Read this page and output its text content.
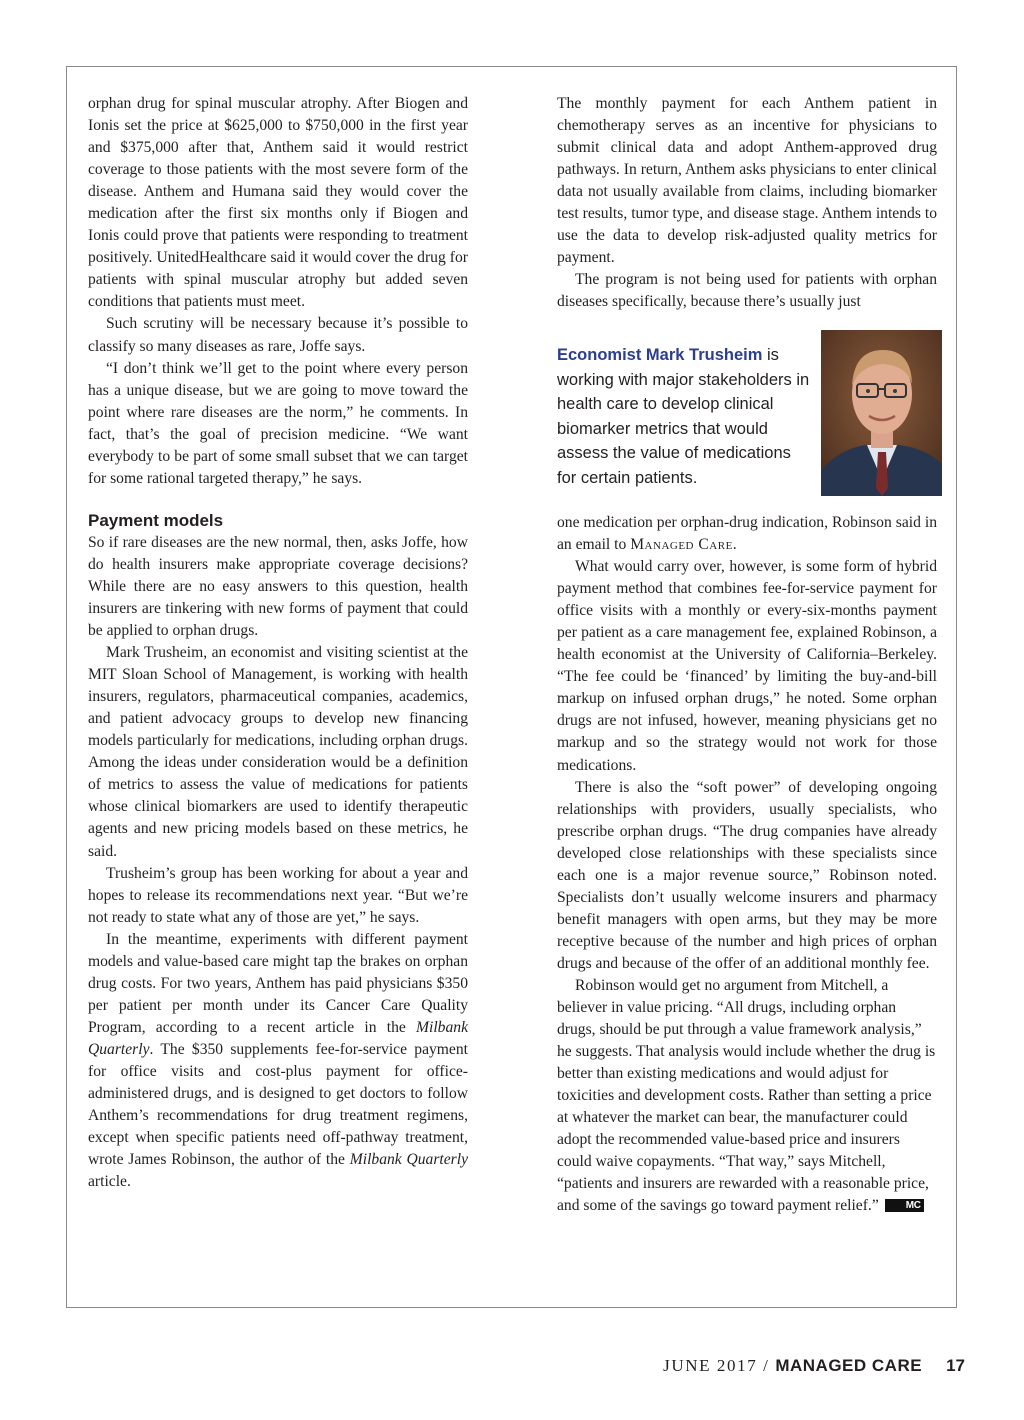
orphan drug for spinal muscular atrophy. After Biogen and Ionis set the price at $625,000 to $750,000 in the first year and $375,000 after that, Anthem said it would restrict coverage to those patients with the most severe form of the disease. Anthem and Humana said they would cover the medication after the first six months only if Biogen and Ionis could prove that patients were responding to treatment positively. UnitedHealthcare said it would cover the drug for patients with spinal muscular atrophy but added seven conditions that patients must meet.

Such scrutiny will be necessary because it’s possible to classify so many diseases as rare, Joffe says.

“I don’t think we’ll get to the point where every person has a unique disease, but we are going to move toward the point where rare diseases are the norm,” he comments. In fact, that’s the goal of precision medicine. “We want everybody to be part of some small subset that we can target for some rational targeted therapy,” he says.

Payment models

So if rare diseases are the new normal, then, asks Joffe, how do health insurers make appropriate coverage decisions? While there are no easy answers to this question, health insurers are tinkering with new forms of payment that could be applied to orphan drugs.

Mark Trusheim, an economist and visiting scientist at the MIT Sloan School of Management, is working with health insurers, regulators, pharmaceutical companies, academics, and patient advocacy groups to develop new financing models particularly for medications, including orphan drugs. Among the ideas under consideration would be a definition of metrics to assess the value of medications for patients whose clinical biomarkers are used to identify therapeutic agents and new pricing models based on these metrics, he said.

Trusheim’s group has been working for about a year and hopes to release its recommendations next year. “But we’re not ready to state what any of those are yet,” he says.

In the meantime, experiments with different payment models and value-based care might tap the brakes on orphan drug costs. For two years, Anthem has paid physicians $350 per patient per month under its Cancer Care Quality Program, according to a recent article in the Milbank Quarterly. The $350 supplements fee-for-service payment for office visits and cost-plus payment for office-administered drugs, and is designed to get doctors to follow Anthem’s recommendations for drug treatment regimens, except when specific patients need off-pathway treatment, wrote James Robinson, the author of the Milbank Quarterly article.

The monthly payment for each Anthem patient in chemotherapy serves as an incentive for physicians to submit clinical data and adopt Anthem-approved drug pathways. In return, Anthem asks physicians to enter clinical data not usually available from claims, including biomarker test results, tumor type, and disease stage. Anthem intends to use the data to develop risk-adjusted quality metrics for payment.

The program is not being used for patients with orphan diseases specifically, because there’s usually just

Economist Mark Trusheim is working with major stakeholders in health care to develop clinical biomarker metrics that would assess the value of medications for certain patients.

one medication per orphan-drug indication, Robinson said in an email to Managed Care.

What would carry over, however, is some form of hybrid payment method that combines fee-for-service payment for office visits with a monthly or every-six-months payment per patient as a care management fee, explained Robinson, a health economist at the University of California–Berkeley. “The fee could be ‘financed’ by limiting the buy-and-bill markup on infused orphan drugs,” he noted. Some orphan drugs are not infused, however, meaning physicians get no markup and so the strategy would not work for those medications.

There is also the “soft power” of developing ongoing relationships with providers, usually specialists, who prescribe orphan drugs. “The drug companies have already developed close relationships with these specialists since each one is a major revenue source,” Robinson noted. Specialists don’t usually welcome insurers and pharmacy benefit managers with open arms, but they may be more receptive because of the number and high prices of orphan drugs and because of the offer of an additional monthly fee.

Robinson would get no argument from Mitchell, a believer in value pricing. “All drugs, including orphan drugs, should be put through a value framework analysis,” he suggests. That analysis would include whether the drug is better than existing medications and would adjust for toxicities and development costs. Rather than setting a price at whatever the market can bear, the manufacturer could adopt the recommended value-based price and insurers could waive copayments. “That way,” says Mitchell, “patients and insurers are rewarded with a reasonable price, and some of the savings go toward payment relief.”	MC

JUNE 2017 / MANAGED CARE 17
